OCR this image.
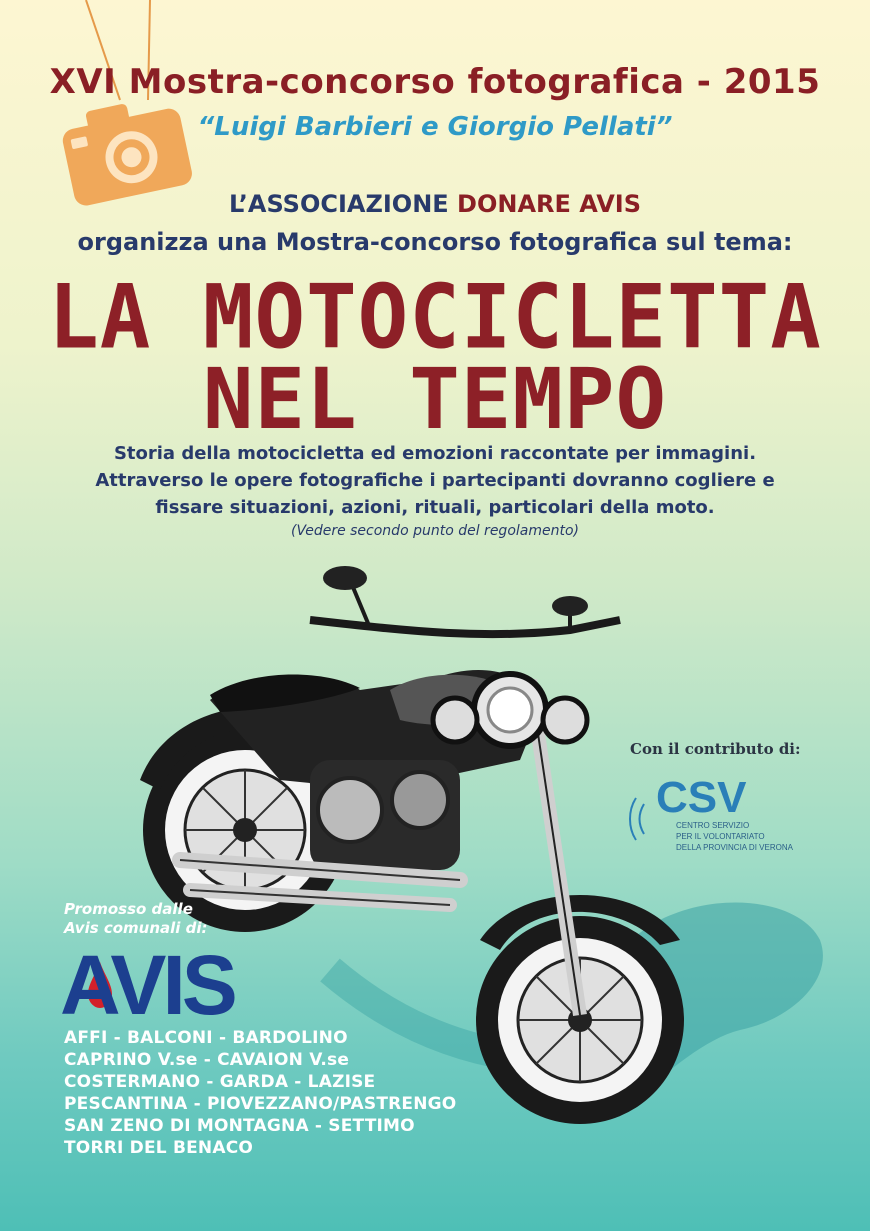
XVI Mostra-concorso fotografica - 2015
“Luigi Barbieri e Giorgio Pellati”
L’ASSOCIAZIONE DONARE AVIS
organizza una Mostra-concorso fotografica sul tema:
LA MOTOCICLETTA
NEL TEMPO
Storia della motocicletta ed emozioni raccontate per immagini.
Attraverso le opere fotografiche i partecipanti dovranno cogliere e
fissare situazioni, azioni, rituali, particolari della moto.
(Vedere secondo punto del regolamento)
Con il contributo di:
CSV
CENTRO SERVIZIO
PER IL VOLONTARIATO
DELLA PROVINCIA DI VERONA
Promosso dalle
Avis comunali di:
AVIS
AFFI - BALCONI - BARDOLINO
CAPRINO V.se - CAVAION V.se
COSTERMANO - GARDA - LAZISE
PESCANTINA - PIOVEZZANO/PASTRENGO
SAN ZENO DI MONTAGNA - SETTIMO
TORRI DEL BENACO
